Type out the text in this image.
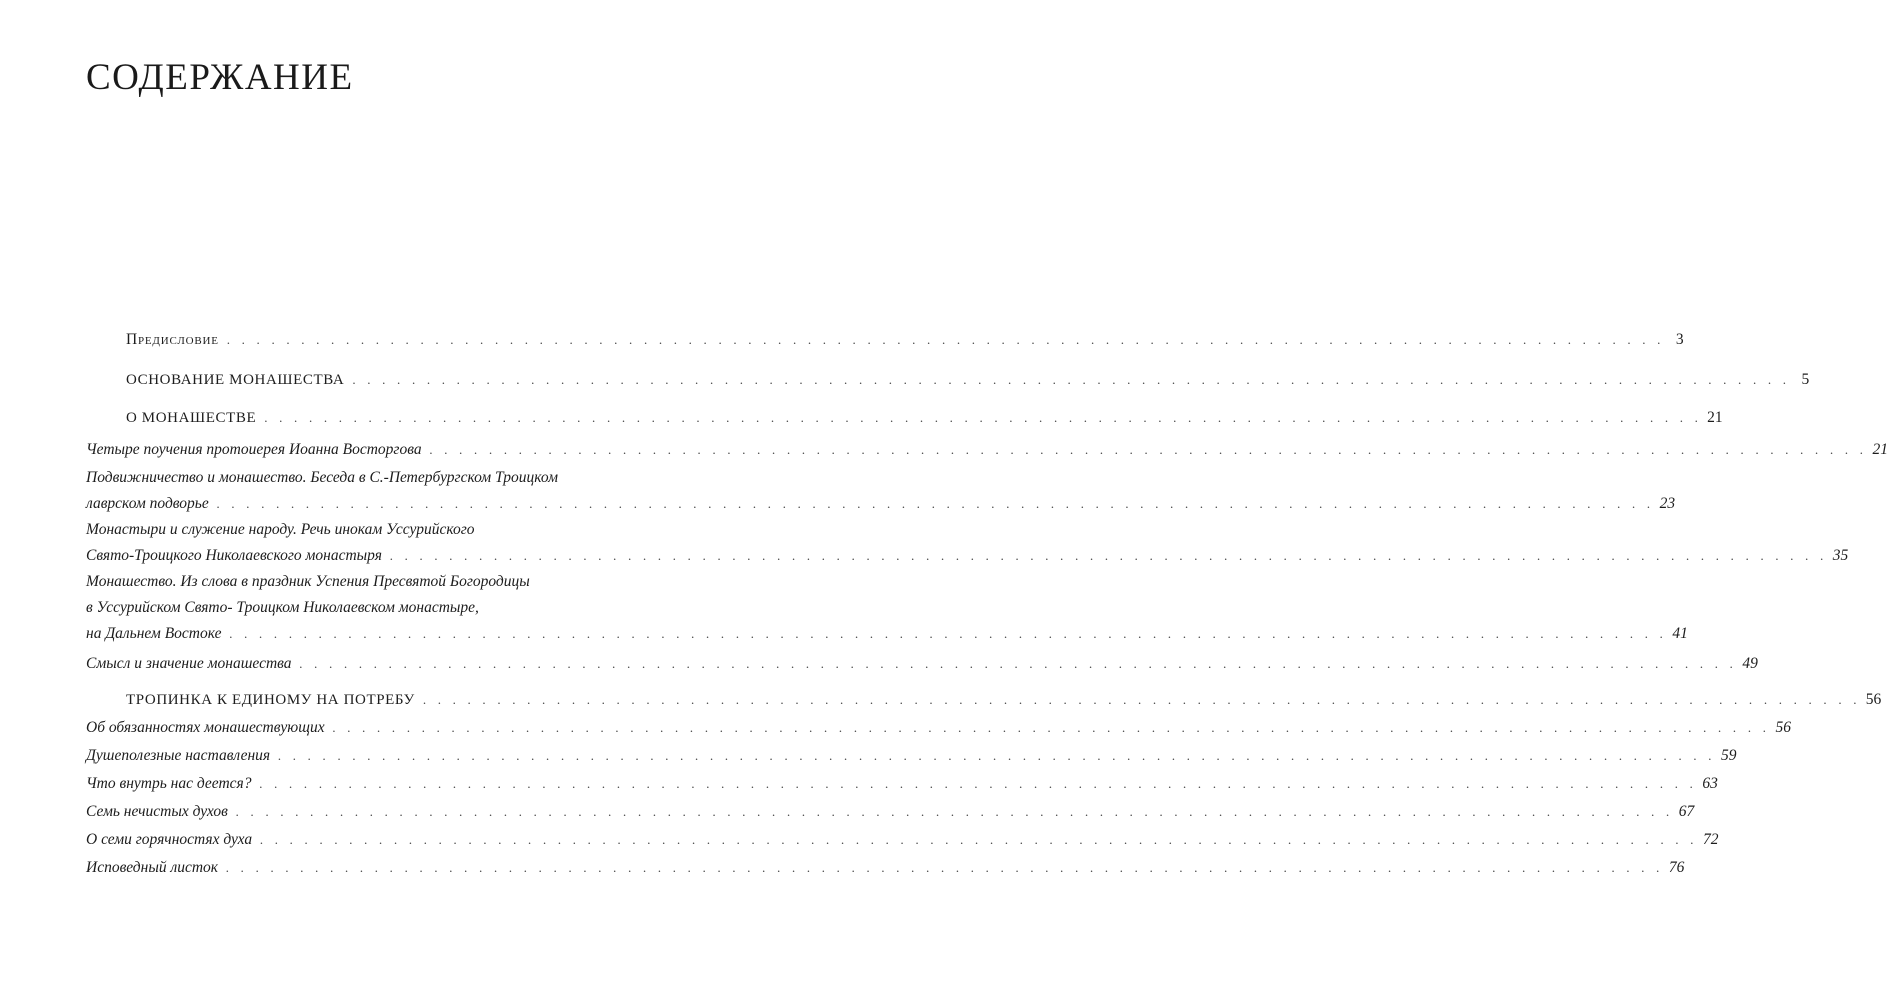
СОДЕРЖАНИЕ
Предисловие . . .	3
ОСНОВАНИЕ МОНАШЕСТВА . . .	5
О МОНАШЕСТВЕ . . .	21
Четыре поучения протоиерея Иоанна Восторгова . . .	21
Подвижничество и монашество. Беседа в С.-Петербургском Троицком
лаврском подворье . . .	23
Монастыри и служение народу. Речь инокам Уссурийского
Свято-Троицкого Николаевского монастыря . . .	35
Монашество. Из слова в праздник Успения Пресвятой Богородицы
в Уссурийском Свято- Троицком Николаевском монастыре,
на Дальнем Востоке . . .	41
Смысл и значение монашества . . .	49
ТРОПИНКА К ЕДИНОМУ НА ПОТРЕБУ . . .	56
Об обязанностях монашествующих . . .	56
Душеполезные наставления . . .	59
Что внутрь нас деется? . . .	63
Семь нечистых духов . . .	67
О семи горячностях духа . . .	72
Исповедный листок . . .	76
